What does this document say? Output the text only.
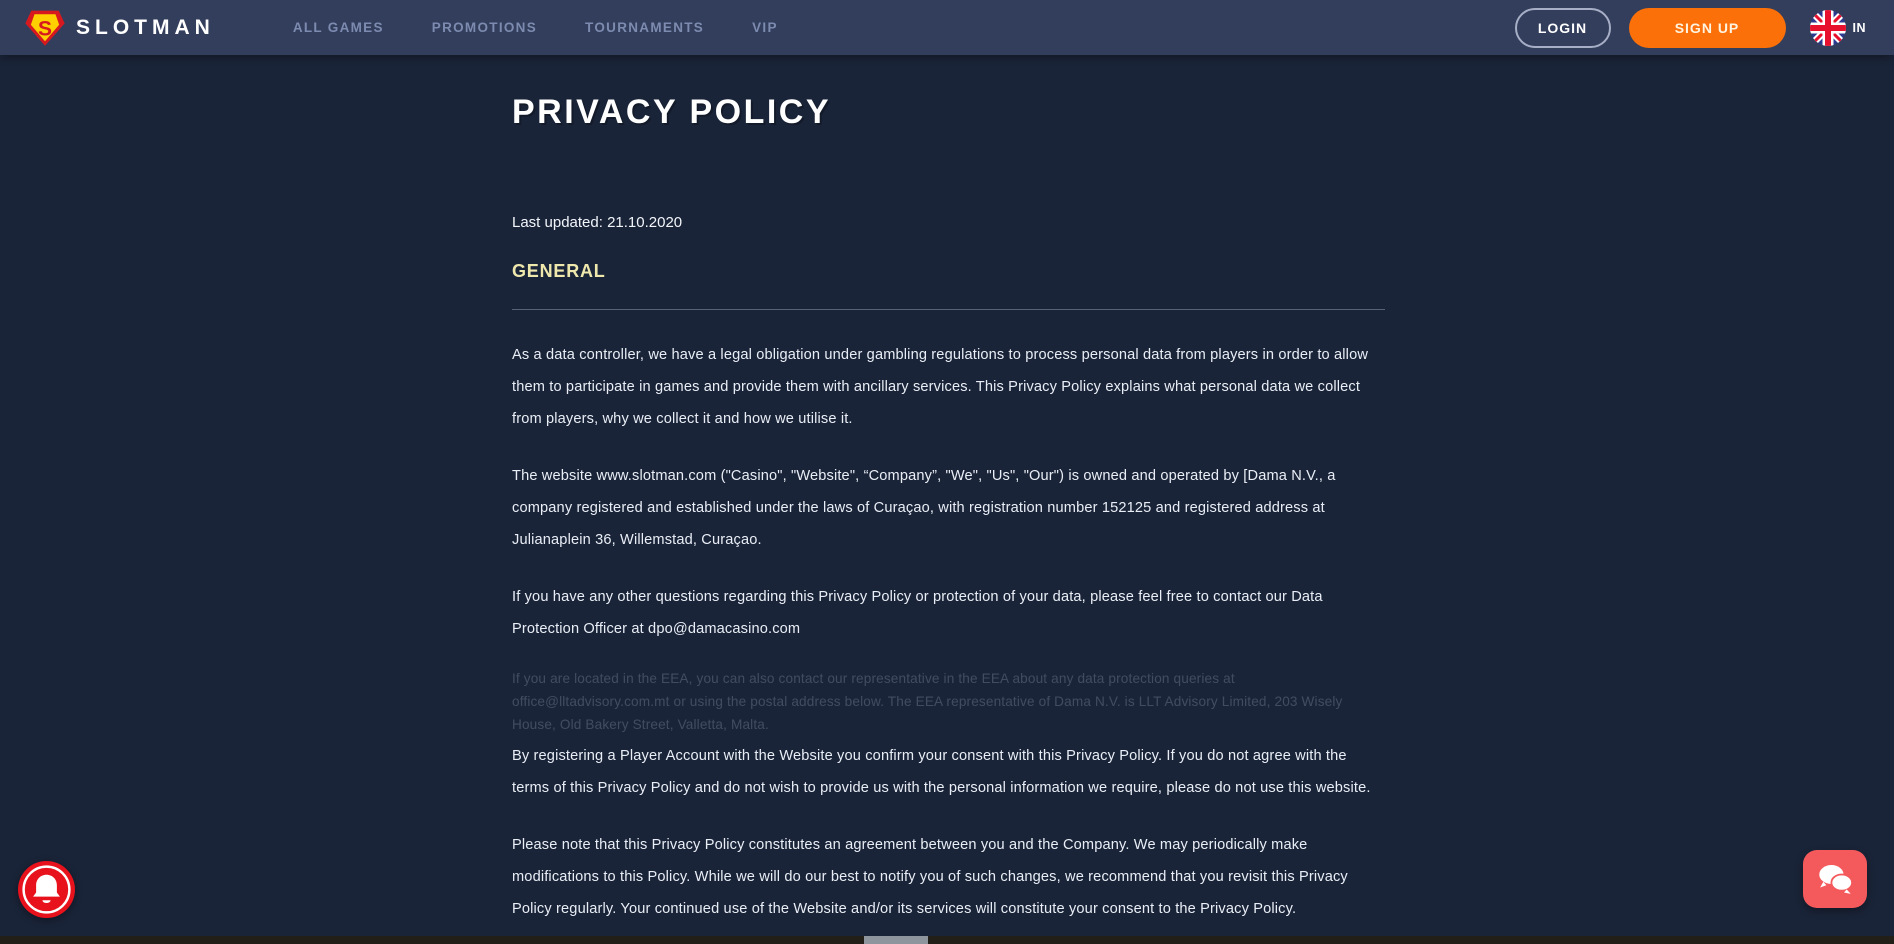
S SLOTMAN	ALL GAMES	PROMOTIONS	TOURNAMENTS	VIP	LOGIN	SIGN UP	IN
PRIVACY POLICY
Last updated: 21.10.2020
GENERAL

As a data controller, we have a legal obligation under gambling regulations to process personal data from players in order to allow them to participate in games and provide them with ancillary services. This Privacy Policy explains what personal data we collect from players, why we collect it and how we utilise it.

The website www.slotman.com ("Casino", "Website", “Company”, "We", "Us", "Our") is owned and operated by [Dama N.V., a company registered and established under the laws of Curaçao, with registration number 152125 and registered address at Julianaplein 36, Willemstad, Curaçao.

If you have any other questions regarding this Privacy Policy or protection of your data, please feel free to contact our Data Protection Officer at dpo@damacasino.com

If you are located in the EEA, you can also contact our representative in the EEA about any data protection queries at office@lltadvisory.com.mt or using the postal address below. The EEA representative of Dama N.V. is LLT Advisory Limited, 203 Wisely House, Old Bakery Street, Valletta, Malta.

By registering a Player Account with the Website you confirm your consent with this Privacy Policy. If you do not agree with the terms of this Privacy Policy and do not wish to provide us with the personal information we require, please do not use this website.

Please note that this Privacy Policy constitutes an agreement between you and the Company. We may periodically make modifications to this Policy. While we will do our best to notify you of such changes, we recommend that you revisit this Privacy Policy regularly. Your continued use of the Website and/or its services will constitute your consent to the Privacy Policy.
